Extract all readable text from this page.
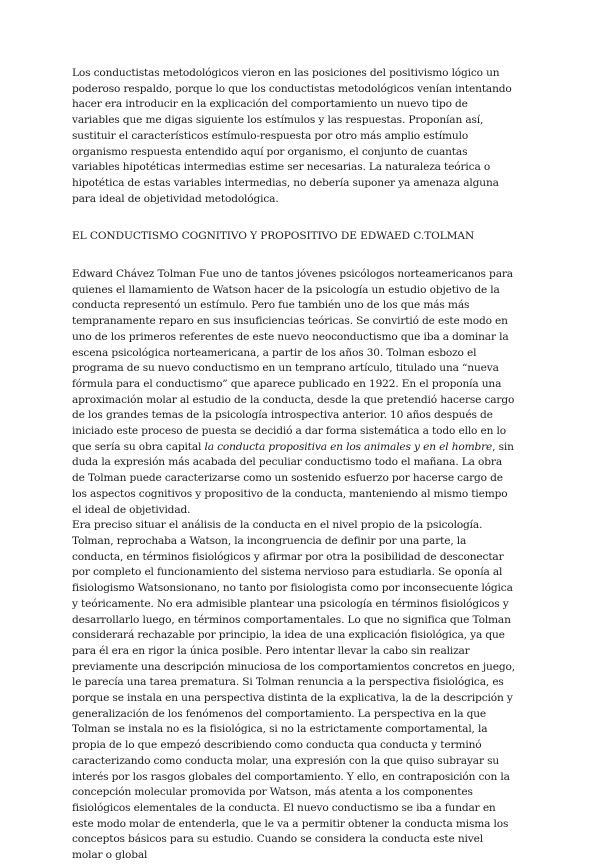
Los conductistas metodológicos vieron en las posiciones del positivismo lógico un poderoso respaldo, porque lo que los conductistas metodológicos venían intentando hacer era introducir en la explicación del comportamiento un nuevo tipo de variables que me digas siguiente los estímulos y las respuestas. Proponían así, sustituir el característicos estímulo-respuesta por otro más amplio estímulo organismo respuesta entendido aquí por organismo, el conjunto de cuantas variables hipotéticas intermedias estime ser necesarias. La naturaleza teórica o hipotética de estas variables intermedias, no debería suponer ya amenaza alguna para ideal de objetividad metodológica.

EL CONDUCTISMO COGNITIVO Y PROPOSITIVO DE EDWAED C.TOLMAN

Edward Chávez Tolman Fue uno de tantos jóvenes psicólogos norteamericanos para quienes el llamamiento de Watson hacer de la psicología un estudio objetivo de la conducta representó un estímulo. Pero fue también uno de los que más más tempranamente reparo en sus insuficiencias teóricas. Se convirtió de este modo en uno de los primeros referentes de este nuevo neoconductismo que iba a dominar la escena psicológica norteamericana, a partir de los años 30. Tolman esbozo el programa de su nuevo conductismo en un temprano artículo, titulado una “nueva fórmula para el conductismo” que aparece publicado en 1922. En el proponía una aproximación molar al estudio de la conducta, desde la que pretendió hacerse cargo de los grandes temas de la psicología introspectiva anterior. 10 años después de iniciado este proceso de puesta se decidió a dar forma sistemática a todo ello en lo que sería su obra capital la conducta propositiva en los animales y en el hombre, sin duda la expresión más acabada del peculiar conductismo todo el mañana. La obra de Tolman puede caracterizarse como un sostenido esfuerzo por hacerse cargo de los aspectos cognitivos y propositivo de la conducta, manteniendo al mismo tiempo el ideal de objetividad.

Era preciso situar el análisis de la conducta en el nivel propio de la psicología. Tolman, reprochaba a Watson, la incongruencia de definir por una parte, la conducta, en términos fisiológicos y afirmar por otra la posibilidad de desconectar por completo el funcionamiento del sistema nervioso para estudiarla. Se oponía al fisiologismo Watsonsionano, no tanto por fisiologista como por inconsecuente lógica y teóricamente. No era admisible plantear una psicología en términos fisiológicos y desarrollarlo luego, en términos comportamentales. Lo que no significa que Tolman considerará rechazable por principio, la idea de una explicación fisiológica, ya que para él era en rigor la única posible. Pero intentar llevar la cabo sin realizar previamente una descripción minuciosa de los comportamientos concretos en juego, le parecía una tarea prematura. Si Tolman renuncia a la perspectiva fisiológica, es porque se instala en una perspectiva distinta de la explicativa, la de la descripción y generalización de los fenómenos del comportamiento. La perspectiva en la que Tolman se instala no es la fisiológica, si no la estrictamente comportamental, la propia de lo que empezó describiendo como conducta qua conducta y terminó caracterizando como conducta molar, una expresión con la que quiso subrayar su interés por los rasgos globales del comportamiento. Y ello, en contraposición con la concepción molecular promovida por Watson, más atenta a los componentes fisiológicos elementales de la conducta. El nuevo conductismo se iba a fundar en este modo molar de entenderla, que le va a permitir obtener la conducta misma los conceptos básicos para su estudio. Cuando se considera la conducta este nivel molar o global
